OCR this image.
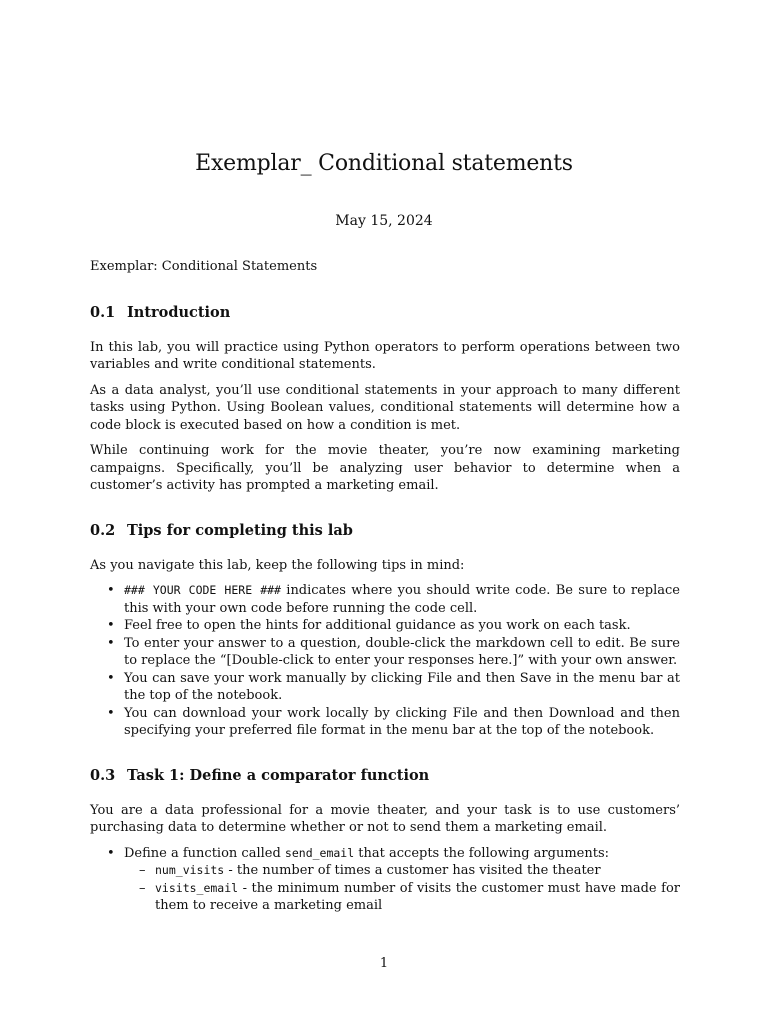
Exemplar_ Conditional statements
May 15, 2024

Exemplar: Conditional Statements

0.1 Introduction

In this lab, you will practice using Python operators to perform operations between two variables and write conditional statements.

As a data analyst, you’ll use conditional statements in your approach to many different tasks using Python. Using Boolean values, conditional statements will determine how a code block is executed based on how a condition is met.

While continuing work for the movie theater, you’re now examining marketing campaigns. Specifically, you’ll be analyzing user behavior to determine when a customer’s activity has prompted a marketing email.

0.2 Tips for completing this lab

As you navigate this lab, keep the following tips in mind:

• ### YOUR CODE HERE ### indicates where you should write code. Be sure to replace this with your own code before running the code cell.
• Feel free to open the hints for additional guidance as you work on each task.
• To enter your answer to a question, double-click the markdown cell to edit. Be sure to replace the “[Double-click to enter your responses here.]” with your own answer.
• You can save your work manually by clicking File and then Save in the menu bar at the top of the notebook.
• You can download your work locally by clicking File and then Download and then specifying your preferred file format in the menu bar at the top of the notebook.
0.3 Task 1: Define a comparator function

You are a data professional for a movie theater, and your task is to use customers’ purchasing data to determine whether or not to send them a marketing email.

• Define a function called send_email that accepts the following arguments:
– num_visits - the number of times a customer has visited the theater
– visits_email - the minimum number of visits the customer must have made for them to receive a marketing email
1
